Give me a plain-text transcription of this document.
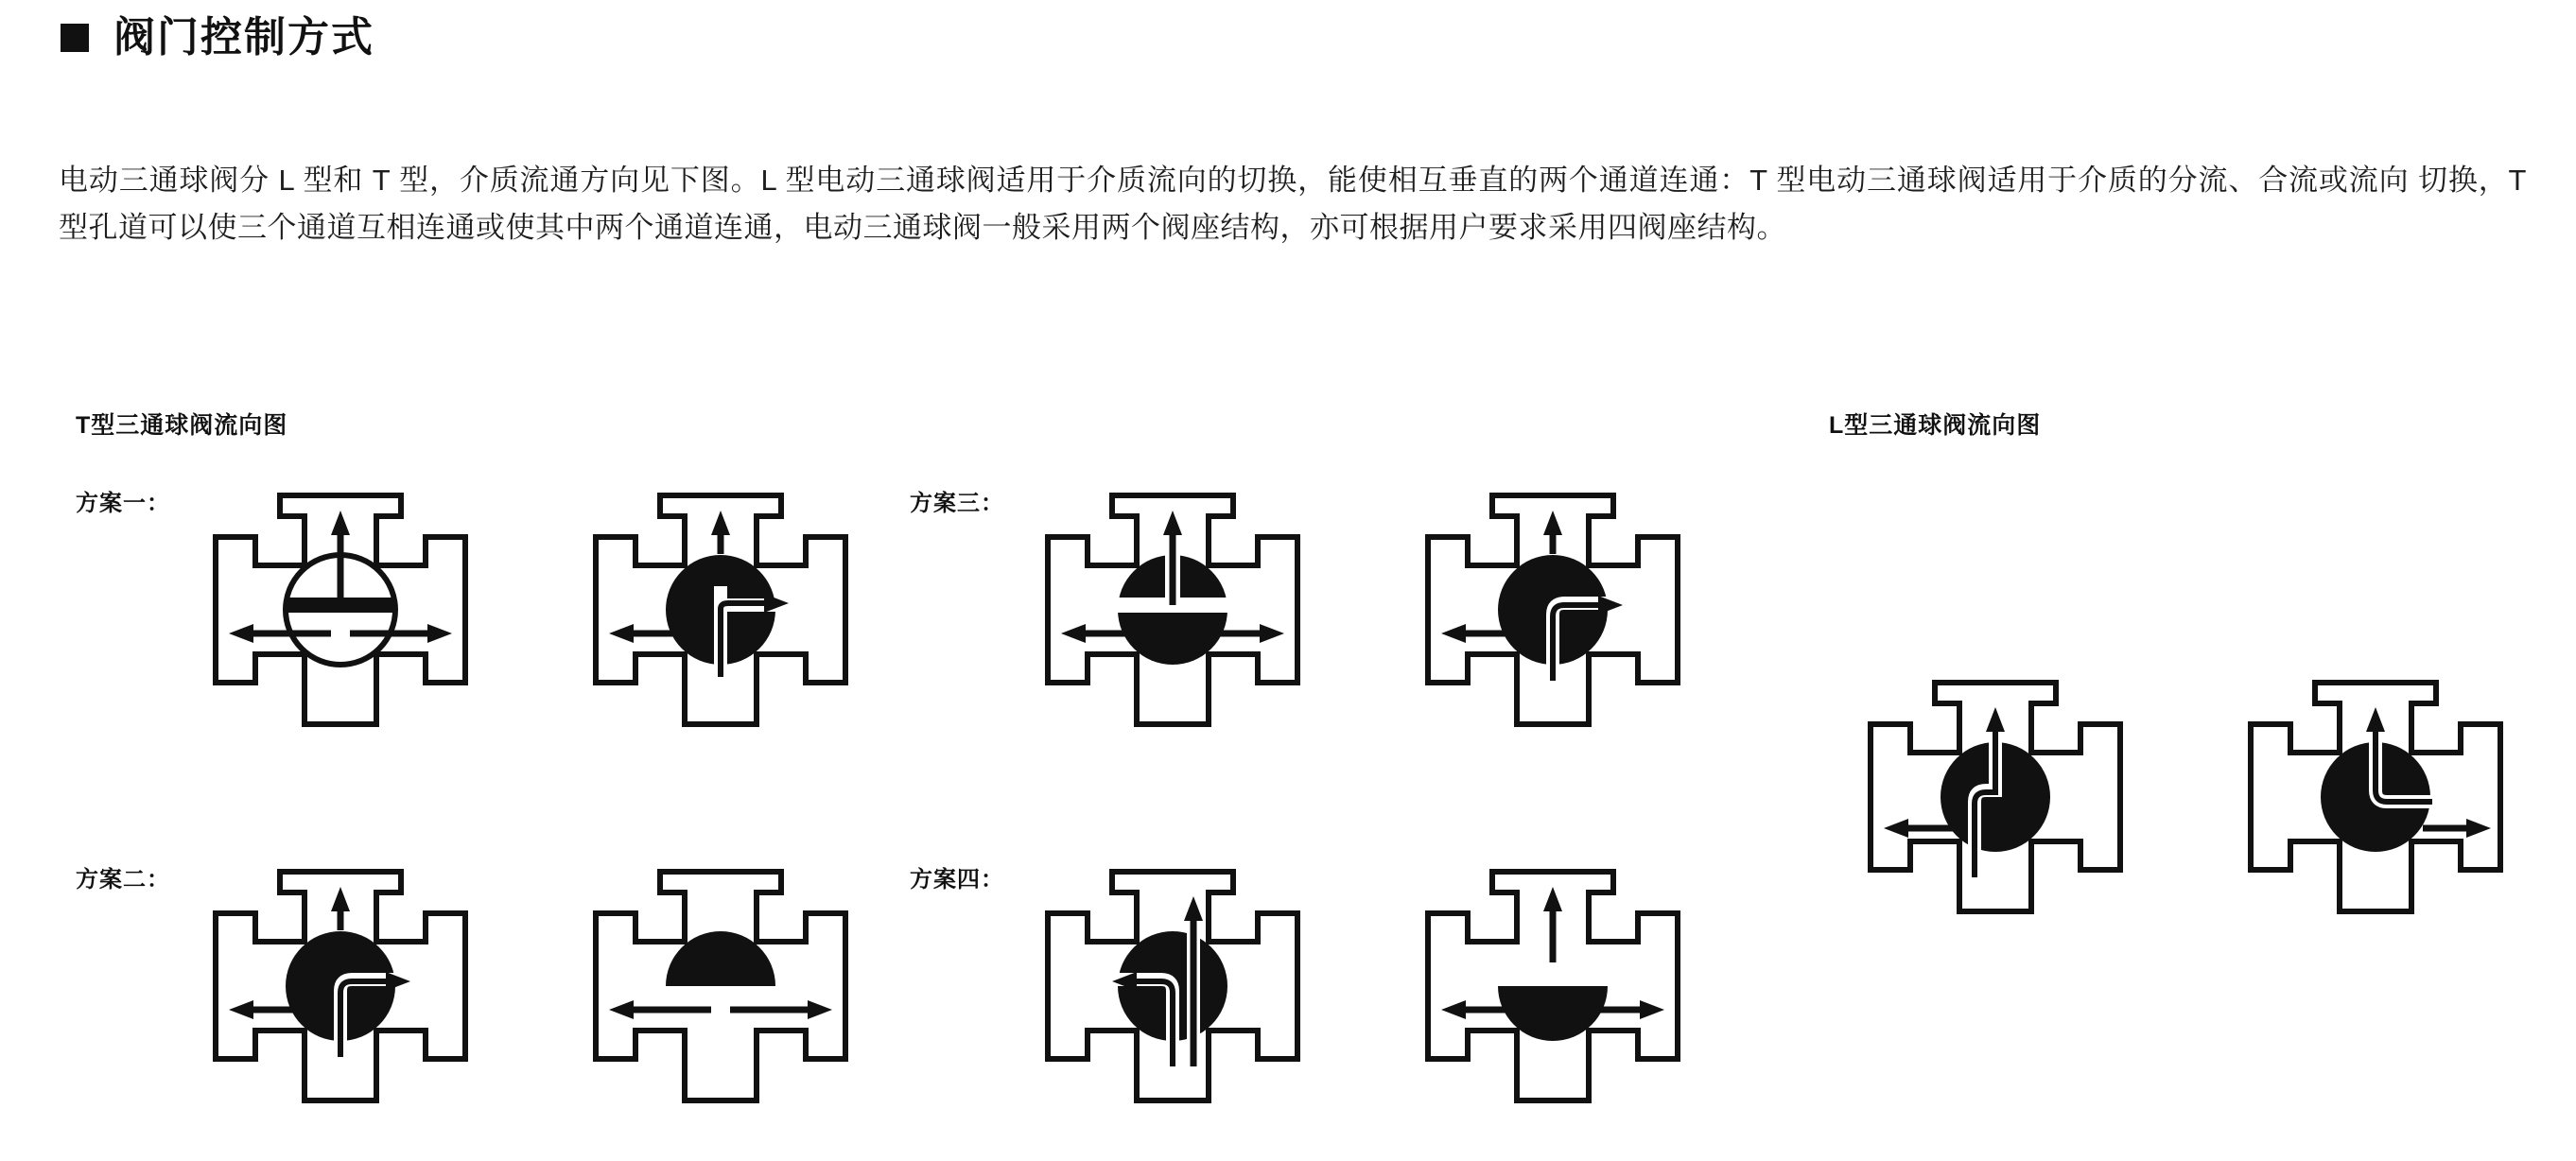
阀门控制方式

电动三通球阀分 L 型和 T 型，介质流通方向见下图。L 型电动三通球阀适用于介质流向的切换，能使相互垂直的两个通道连通：T 型电动三通球阀适用于介质的分流、合流或流向 切换，T 型孔道可以使三个通道互相连通或使其中两个通道连通，电动三通球阀一般采用两个阀座结构，亦可根据用户要求采用四阀座结构。

T型三通球阀流向图	L型三通球阀流向图
方案一：	方案三：
方案二：	方案四：
